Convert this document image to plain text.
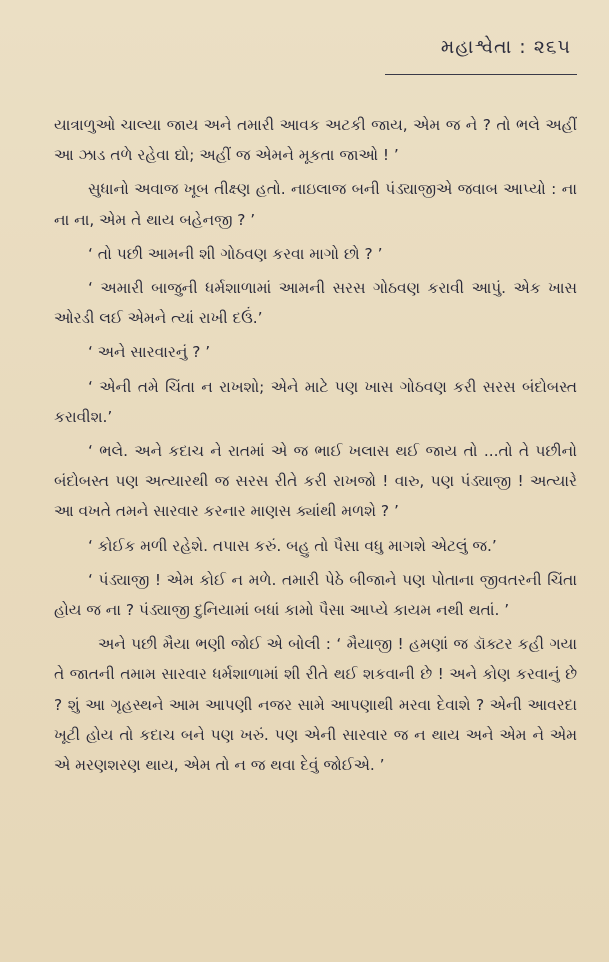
મહાશ્વેતા : ૨૬૫

યાત્રાળુઓ ચાલ્યા જાય અને તમારી આવક અટકી જાય, એમ જ ને ? તો ભલે અહીં આ ઝાડ તળે રહેવા દ્યો; અહીં જ એમને મૂકતા જાઓ ! ’

સુધાનો અવાજ ખૂબ તીક્ષ્ણ હતો. નાઇલાજ બની પંડ્યાજીએ જવાબ આપ્યો : ના ના ના, એમ તે થાય બહેનજી ? ’

‘ તો પછી આમની શી ગોઠવણ કરવા માગો છો ? ’

‘ અમારી બાજુની ધર્મશાળામાં આમની સરસ ગોઠવણ કરાવી આપું. એક ખાસ ઓરડી લઈ એમને ત્યાં રાખી દઉં.’

‘ અને સારવારનું ? ’

‘ એની તમે ચિંતા ન રાખશો; એને માટે પણ ખાસ ગોઠવણ કરી સરસ બંદોબસ્ત કરાવીશ.’

‘ ભલે. અને કદાચ ને રાતમાં એ જ ભાઈ ખલાસ થઈ જાય તો ...તો તે પછીનો બંદોબસ્ત પણ અત્યારથી જ સરસ રીતે કરી રાખજો ! વારુ, પણ પંડ્યાજી ! અત્યારે આ વખતે તમને સારવાર કરનાર માણસ ક્યાંથી મળશે ? ’

‘ કોઈક મળી રહેશે. તપાસ કરું. બહુ તો પૈસા વધુ માગશે એટલું જ.’

‘ પંડ્યાજી ! એમ કોઈ ન મળે. તમારી પેઠે બીજાને પણ પોતાના જીવતરની ચિંતા હોય જ ના ? પંડ્યાજી દુનિયામાં બધાં કામો પૈસા આપ્યે કાયમ નથી થતાં. ’

અને પછી મૈયા ભણી જોઈ એ બોલી : ‘ મૈયાજી ! હમણાં જ ડૉક્ટર કહી ગયા તે જાતની તમામ સારવાર ધર્મશાળામાં શી રીતે થઈ શકવાની છે ! અને કોણ કરવાનું છે ? શું આ ગૃહસ્થને આમ આપણી નજર સામે આપણાથી મરવા દેવાશે ? એની આવરદા ખૂટી હોય તો કદાચ બને પણ ખરું. પણ એની સારવાર જ ન થાય અને એમ ને એમ એ મરણશરણ થાય, એમ તો ન જ થવા દેવું જોઈએ. ’
